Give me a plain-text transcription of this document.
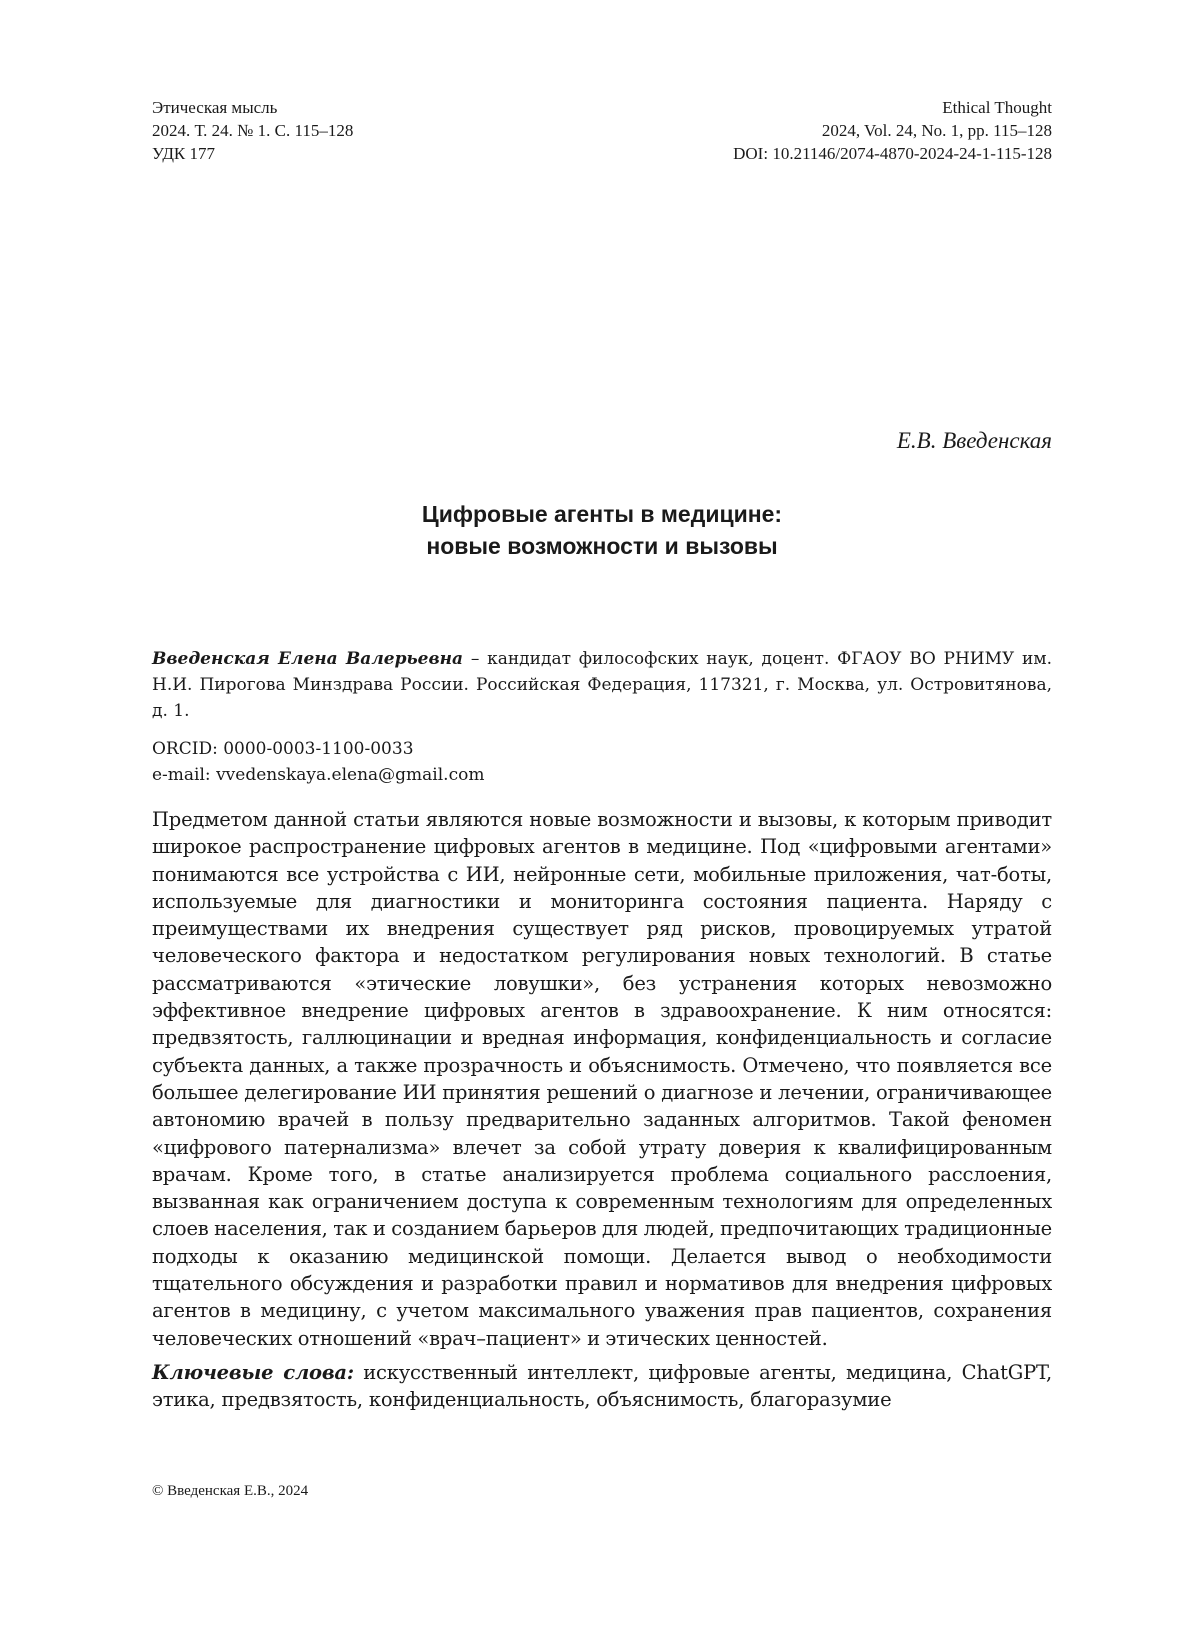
Этическая мысль
2024. Т. 24. № 1. С. 115–128
УДК 177
Ethical Thought
2024, Vol. 24, No. 1, pp. 115–128
DOI: 10.21146/2074-4870-2024-24-1-115-128
Е.В. Введенская
Цифровые агенты в медицине:
новые возможности и вызовы
Введенская Елена Валерьевна – кандидат философских наук, доцент. ФГАОУ ВО РНИМУ им. Н.И. Пирогова Минздрава России. Российская Федерация, 117321, г. Москва, ул. Островитянова, д. 1.
ORCID: 0000-0003-1100-0033
e-mail: vvedenskaya.elena@gmail.com
Предметом данной статьи являются новые возможности и вызовы, к которым приводит широкое распространение цифровых агентов в медицине. Под «цифровыми агентами» понимаются все устройства с ИИ, нейронные сети, мобильные приложения, чат-боты, используемые для диагностики и мониторинга состояния пациента. Наряду с преимуществами их внедрения существует ряд рисков, провоцируемых утратой человеческого фактора и недостатком регулирования новых технологий. В статье рассматриваются «этические ловушки», без устранения которых невозможно эффективное внедрение цифровых агентов в здравоохранение. К ним относятся: предвзятость, галлюцинации и вредная информация, конфиденциальность и согласие субъекта данных, а также прозрачность и объяснимость. Отмечено, что появляется все большее делегирование ИИ принятия решений о диагнозе и лечении, ограничивающее автономию врачей в пользу предварительно заданных алгоритмов. Такой феномен «цифрового патернализма» влечет за собой утрату доверия к квалифицированным врачам. Кроме того, в статье анализируется проблема социального расслоения, вызванная как ограничением доступа к современным технологиям для определенных слоев населения, так и созданием барьеров для людей, предпочитающих традиционные подходы к оказанию медицинской помощи. Делается вывод о необходимости тщательного обсуждения и разработки правил и нормативов для внедрения цифровых агентов в медицину, с учетом максимального уважения прав пациентов, сохранения человеческих отношений «врач–пациент» и этических ценностей.
Ключевые слова: искусственный интеллект, цифровые агенты, медицина, ChatGPT, этика, предвзятость, конфиденциальность, объяснимость, благоразумие
© Введенская Е.В., 2024
